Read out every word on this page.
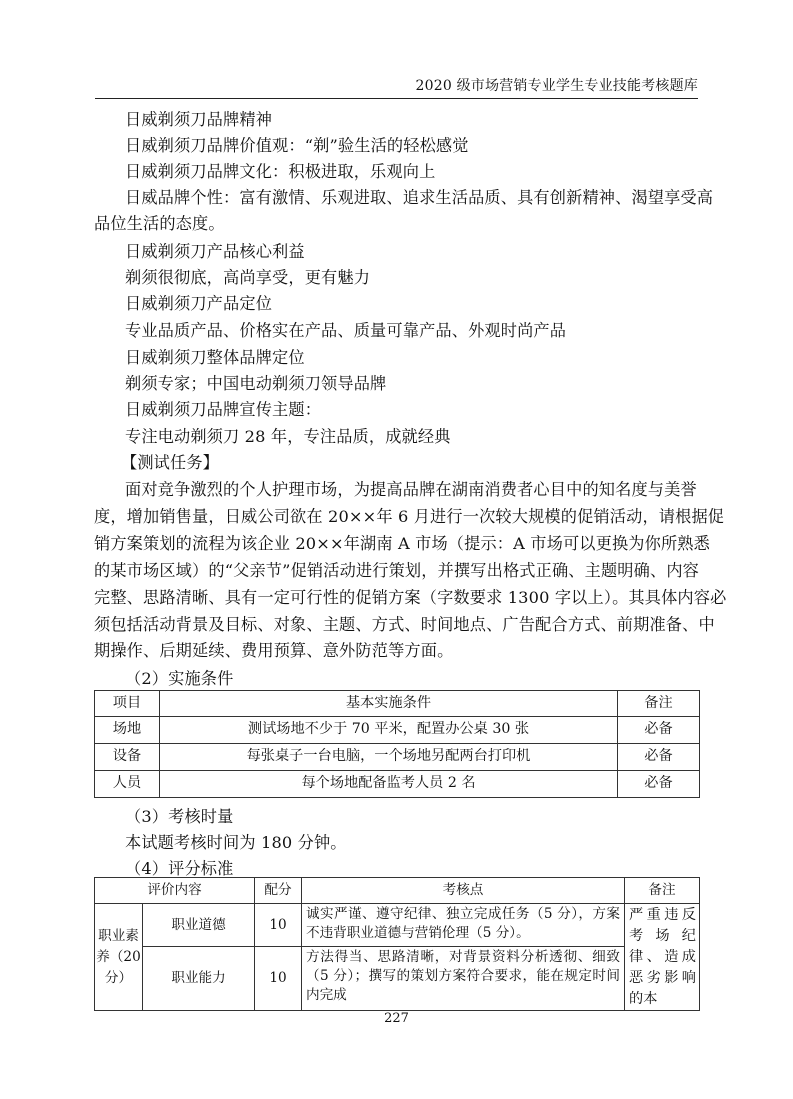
2020 级市场营销专业学生专业技能考核题库
日威剃须刀品牌精神
日威剃须刀品牌价值观：“剃”验生活的轻松感觉
日威剃须刀品牌文化：积极进取，乐观向上
日威品牌个性：富有激情、乐观进取、追求生活品质、具有创新精神、渴望享受高
品位生活的态度。
日威剃须刀产品核心利益
剃须很彻底，高尚享受，更有魅力
日威剃须刀产品定位
专业品质产品、价格实在产品、质量可靠产品、外观时尚产品
日威剃须刀整体品牌定位
剃须专家；中国电动剃须刀领导品牌
日威剃须刀品牌宣传主题：
专注电动剃须刀 28 年，专注品质，成就经典
【测试任务】
面对竞争激烈的个人护理市场，为提高品牌在湖南消费者心目中的知名度与美誉
度，增加销售量，日威公司欲在 20××年 6 月进行一次较大规模的促销活动，请根据促
销方案策划的流程为该企业 20××年湖南 A 市场（提示：A 市场可以更换为你所熟悉
的某市场区域）的“父亲节”促销活动进行策划，并撰写出格式正确、主题明确、内容
完整、思路清晰、具有一定可行性的促销方案（字数要求 1300 字以上）。其具体内容必
须包括活动背景及目标、对象、主题、方式、时间地点、广告配合方式、前期准备、中
期操作、后期延续、费用预算、意外防范等方面。
（2）实施条件
项目	基本实施条件	备注
场地	测试场地不少于 70 平米，配置办公桌 30 张	必备
设备	每张桌子一台电脑，一个场地另配两台打印机	必备
人员	每个场地配备监考人员 2 名	必备
（3）考核时量
本试题考核时间为 180 分钟。
（4）评分标准
评价内容		配分	考核点	备注
职业素养（20分）	职业道德	10	诚实严谨、遵守纪律、独立完成任务（5 分），方案不违背职业道德与营销伦理（5 分）。	严重违反考场纪律、造成恶劣影响的本
	职业能力	10	方法得当、思路清晰，对背景资料分析透彻、细致（5 分）；撰写的策划方案符合要求，能在规定时间内完成	
227
